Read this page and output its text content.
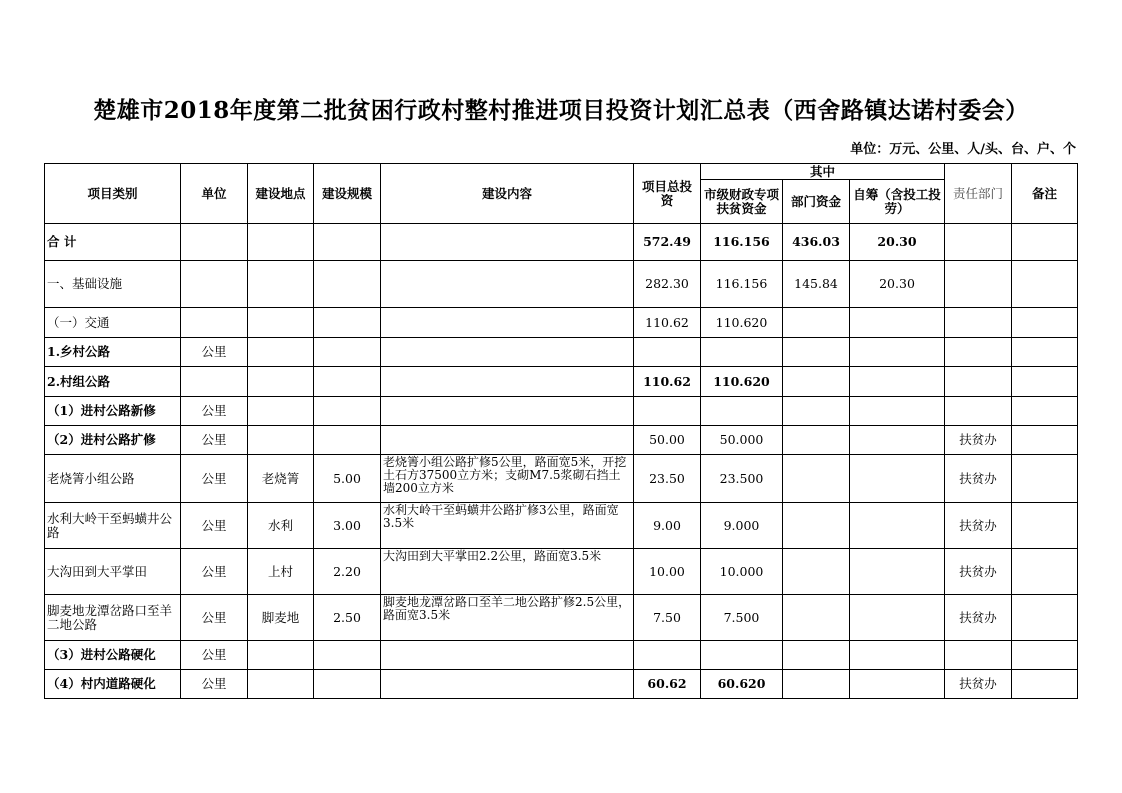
楚雄市2018年度第二批贫困行政村整村推进项目投资计划汇总表（西舍路镇达诺村委会）
单位：万元、公里、人/头、台、户、个
项目类别	单位	建设地点	建设规模	建设内容	项目总投资	其中			责任部门	备注
						市级财政专项扶贫资金	部门资金	自筹（含投工投劳）		
合 计					572.49	116.156	436.03	20.30		
一、基础设施					282.30	116.156	145.84	20.30		
（一）交通					110.62	110.620				
1.乡村公路	公里									
2.村组公路					110.62	110.620				
（1）进村公路新修	公里									
（2）进村公路扩修	公里				50.00	50.000			扶贫办	
老烧箐小组公路	公里	老烧箐	5.00	老烧箐小组公路扩修5公里，路面宽5米，开挖土石方37500立方米；支砌M7.5浆砌石挡土墙200立方米	23.50	23.500			扶贫办	
水利大岭干至蚂蟥井公路	公里	水利	3.00	水利大岭干至蚂蟥井公路扩修3公里，路面宽3.5米	9.00	9.000			扶贫办	
大沟田到大平掌田	公里	上村	2.20	大沟田到大平掌田2.2公里，路面宽3.5米	10.00	10.000			扶贫办	
脚麦地龙潭岔路口至羊二地公路	公里	脚麦地	2.50	脚麦地龙潭岔路口至羊二地公路扩修2.5公里，路面宽3.5米	7.50	7.500			扶贫办	
（3）进村公路硬化	公里									
（4）村内道路硬化	公里				60.62	60.620			扶贫办	
